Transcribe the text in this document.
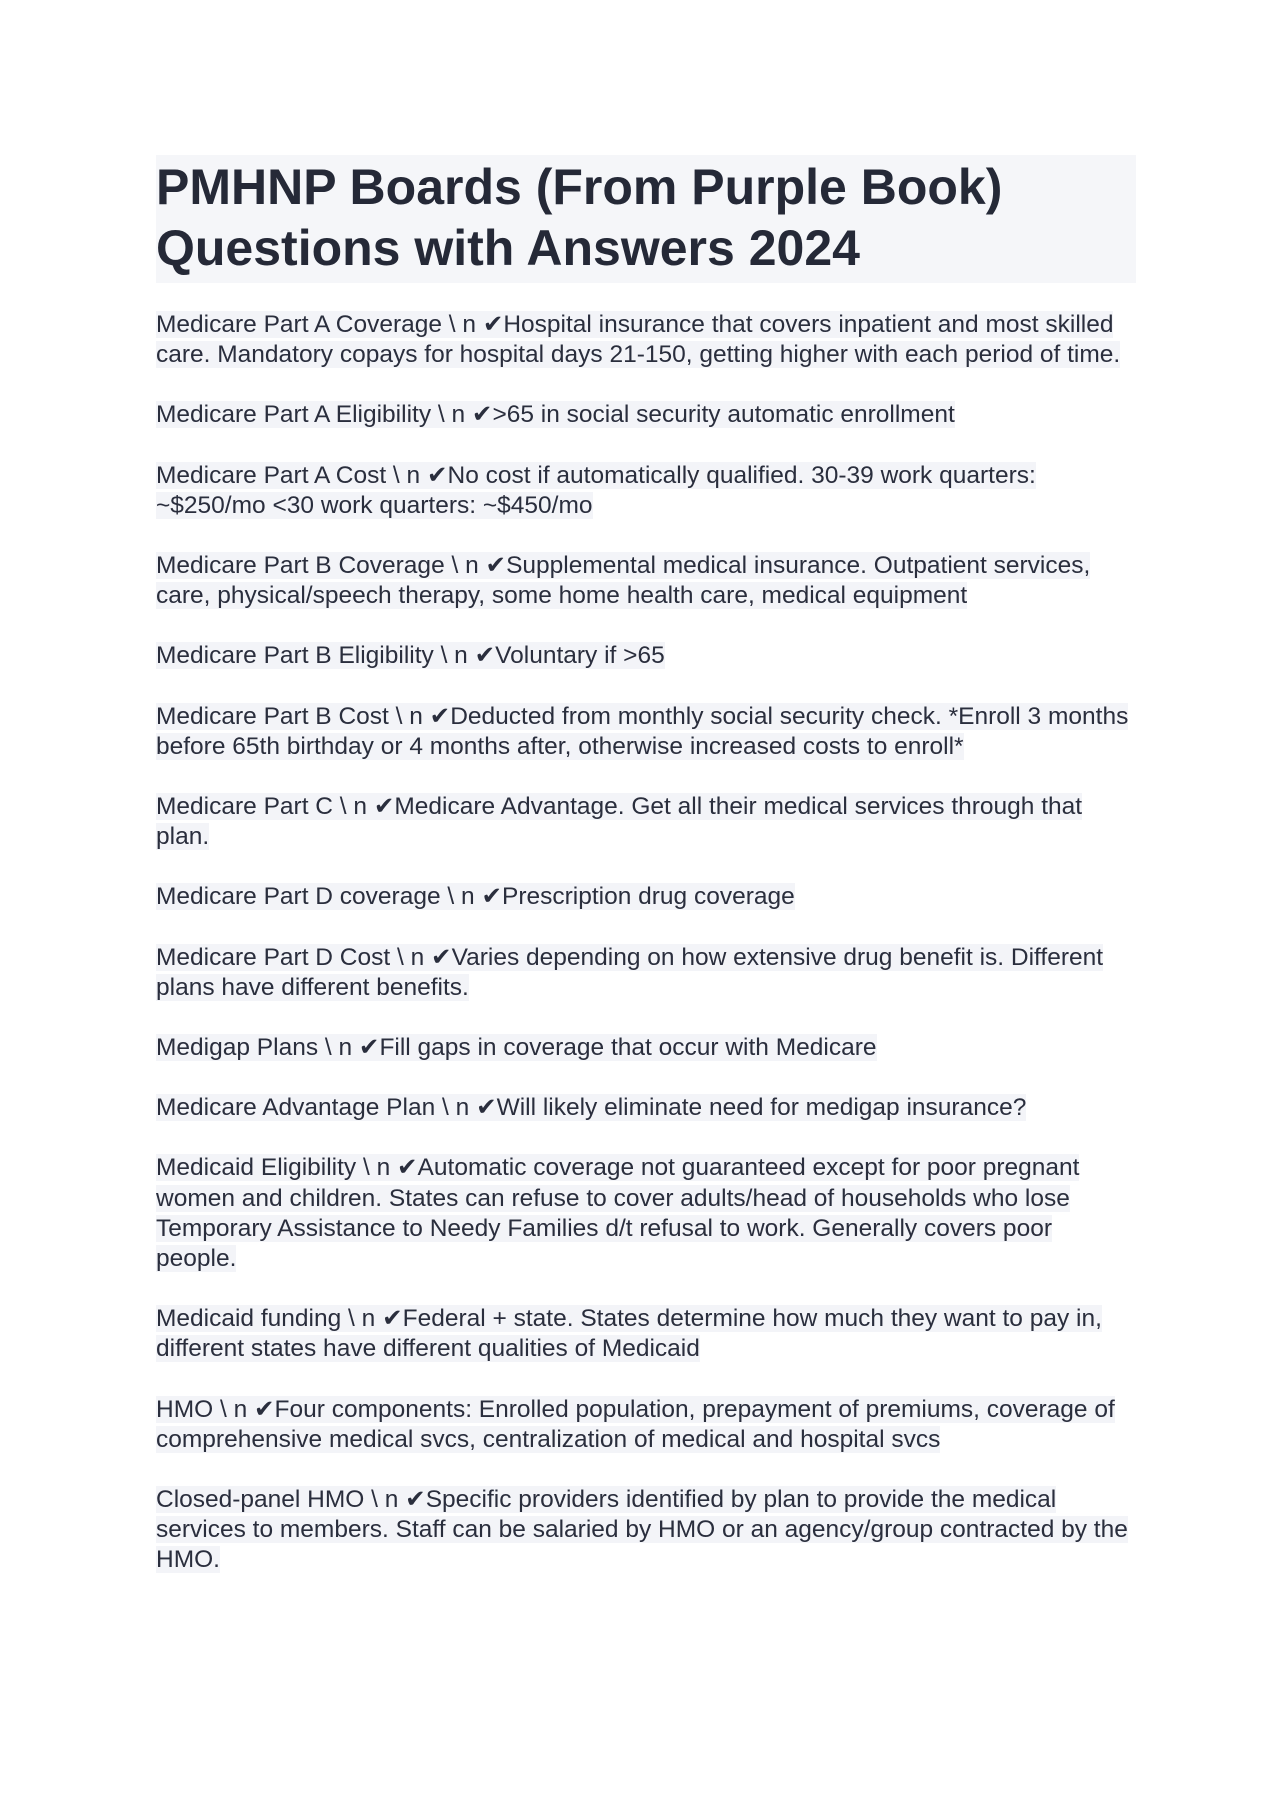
PMHNP Boards (From Purple Book) Questions with Answers 2024
Medicare Part A Coverage \ n ✔Hospital insurance that covers inpatient and most skilled care. Mandatory copays for hospital days 21-150, getting higher with each period of time.
Medicare Part A Eligibility \ n ✔>65 in social security automatic enrollment
Medicare Part A Cost \ n ✔No cost if automatically qualified. 30-39 work quarters: ~$250/mo <30 work quarters: ~$450/mo
Medicare Part B Coverage \ n ✔Supplemental medical insurance. Outpatient services, care, physical/speech therapy, some home health care, medical equipment
Medicare Part B Eligibility \ n ✔Voluntary if >65
Medicare Part B Cost \ n ✔Deducted from monthly social security check. *Enroll 3 months before 65th birthday or 4 months after, otherwise increased costs to enroll*
Medicare Part C \ n ✔Medicare Advantage. Get all their medical services through that plan.
Medicare Part D coverage \ n ✔Prescription drug coverage
Medicare Part D Cost \ n ✔Varies depending on how extensive drug benefit is. Different plans have different benefits.
Medigap Plans \ n ✔Fill gaps in coverage that occur with Medicare
Medicare Advantage Plan \ n ✔Will likely eliminate need for medigap insurance?
Medicaid Eligibility \ n ✔Automatic coverage not guaranteed except for poor pregnant women and children. States can refuse to cover adults/head of households who lose Temporary Assistance to Needy Families d/t refusal to work. Generally covers poor people.
Medicaid funding \ n ✔Federal + state. States determine how much they want to pay in, different states have different qualities of Medicaid
HMO \ n ✔Four components: Enrolled population, prepayment of premiums, coverage of comprehensive medical svcs, centralization of medical and hospital svcs
Closed-panel HMO \ n ✔Specific providers identified by plan to provide the medical services to members. Staff can be salaried by HMO or an agency/group contracted by the HMO.
